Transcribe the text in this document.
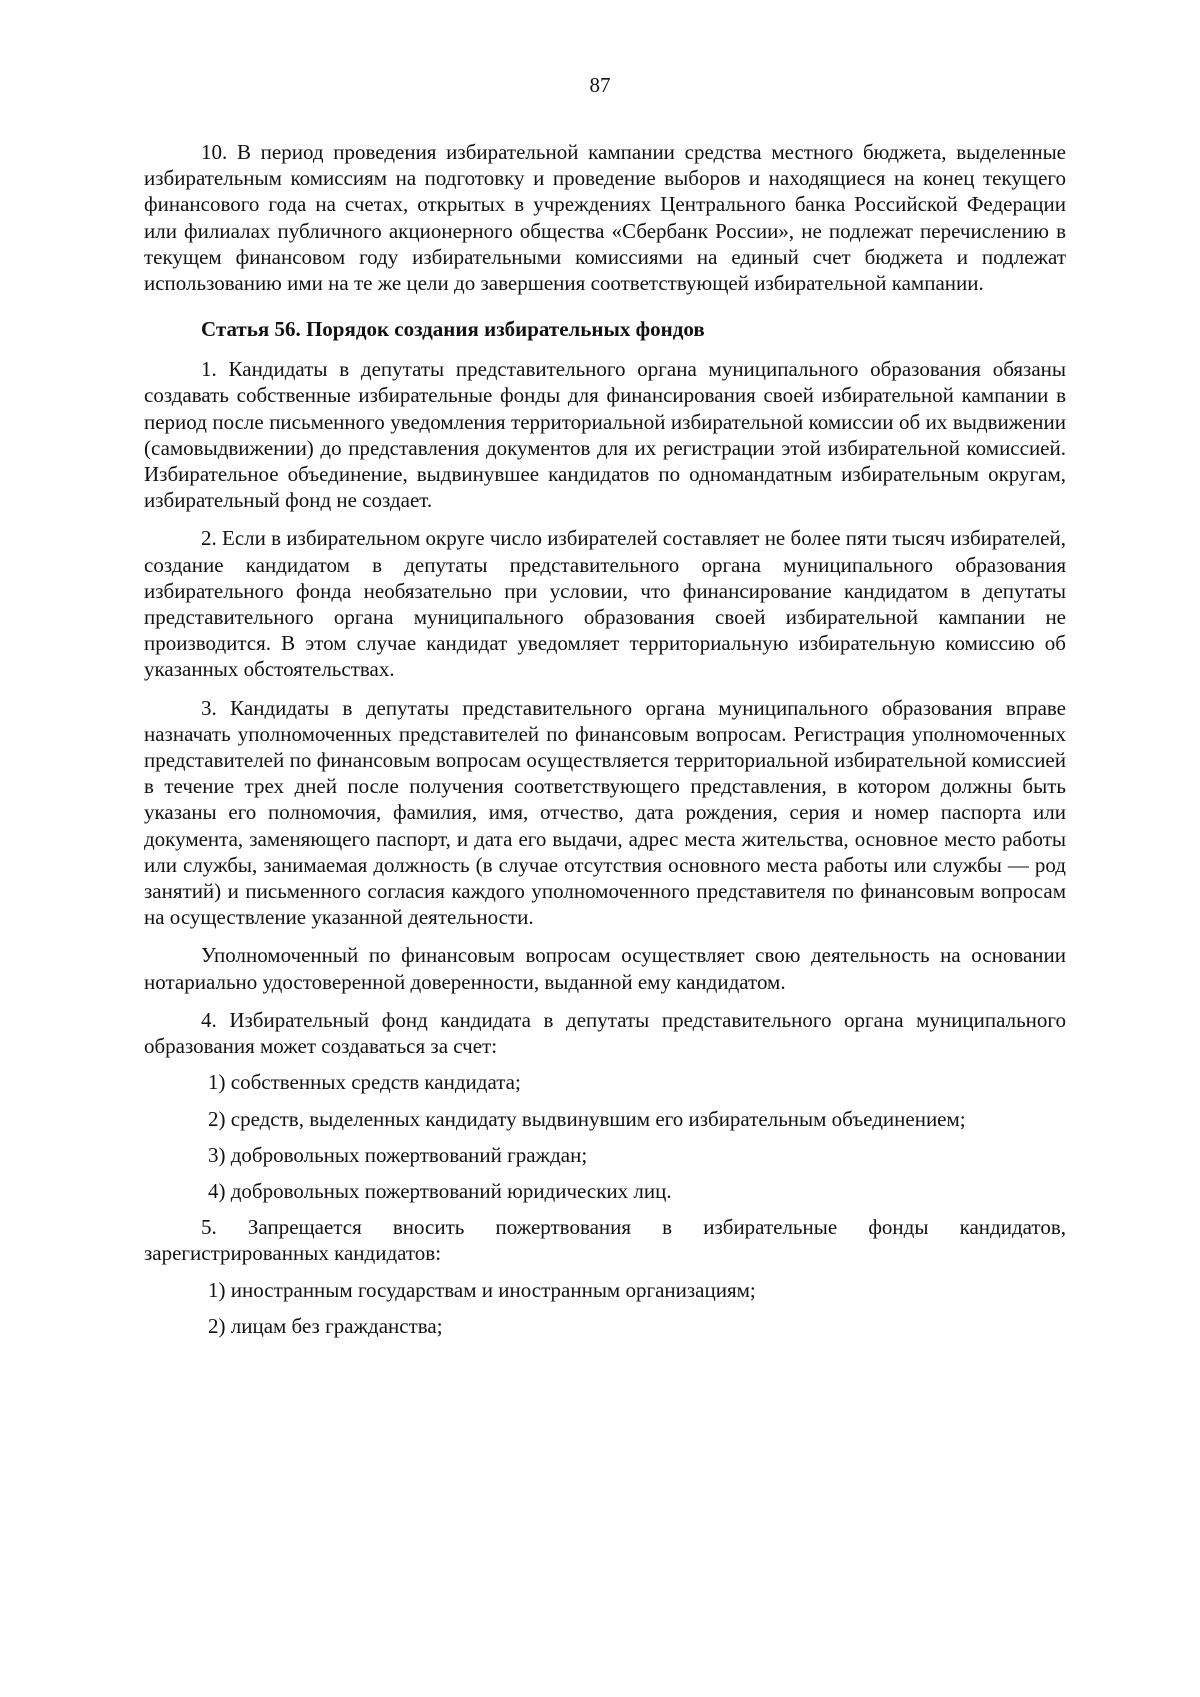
87

10. В период проведения избирательной кампании средства местного бюджета, выделенные избирательным комиссиям на подготовку и проведение выборов и находящиеся на конец текущего финансового года на счетах, открытых в учреждениях Центрального банка Российской Федерации или филиалах публичного акционерного общества «Сбербанк России», не подлежат перечислению в текущем финансовом году избирательными комиссиями на единый счет бюджета и подлежат использованию ими на те же цели до завершения соответствующей избирательной кампании.

Статья 56. Порядок создания избирательных фондов

1. Кандидаты в депутаты представительного органа муниципального образования обязаны создавать собственные избирательные фонды для финансирования своей избирательной кампании в период после письменного уведомления территориальной избирательной комиссии об их выдвижении (самовыдвижении) до представления документов для их регистрации этой избирательной комиссией. Избирательное объединение, выдвинувшее кандидатов по одномандатным избирательным округам, избирательный фонд не создает.

2. Если в избирательном округе число избирателей составляет не более пяти тысяч избирателей, создание кандидатом в депутаты представительного органа муниципального образования избирательного фонда необязательно при условии, что финансирование кандидатом в депутаты представительного органа муниципального образования своей избирательной кампании не производится. В этом случае кандидат уведомляет территориальную избирательную комиссию об указанных обстоятельствах.

3. Кандидаты в депутаты представительного органа муниципального образования вправе назначать уполномоченных представителей по финансовым вопросам. Регистрация уполномоченных представителей по финансовым вопросам осуществляется территориальной избирательной комиссией в течение трех дней после получения соответствующего представления, в котором должны быть указаны его полномочия, фамилия, имя, отчество, дата рождения, серия и номер паспорта или документа, заменяющего паспорт, и дата его выдачи, адрес места жительства, основное место работы или службы, занимаемая должность (в случае отсутствия основного места работы или службы — род занятий) и письменного согласия каждого уполномоченного представителя по финансовым вопросам на осуществление указанной деятельности.

Уполномоченный по финансовым вопросам осуществляет свою деятельность на основании нотариально удостоверенной доверенности, выданной ему кандидатом.

4. Избирательный фонд кандидата в депутаты представительного органа муниципального образования может создаваться за счет:

1) собственных средств кандидата;

2) средств, выделенных кандидату выдвинувшим его избирательным объединением;

3) добровольных пожертвований граждан;

4) добровольных пожертвований юридических лиц.

5. Запрещается вносить пожертвования в избирательные фонды кандидатов, зарегистрированных кандидатов:

1) иностранным государствам и иностранным организациям;

2) лицам без гражданства;
